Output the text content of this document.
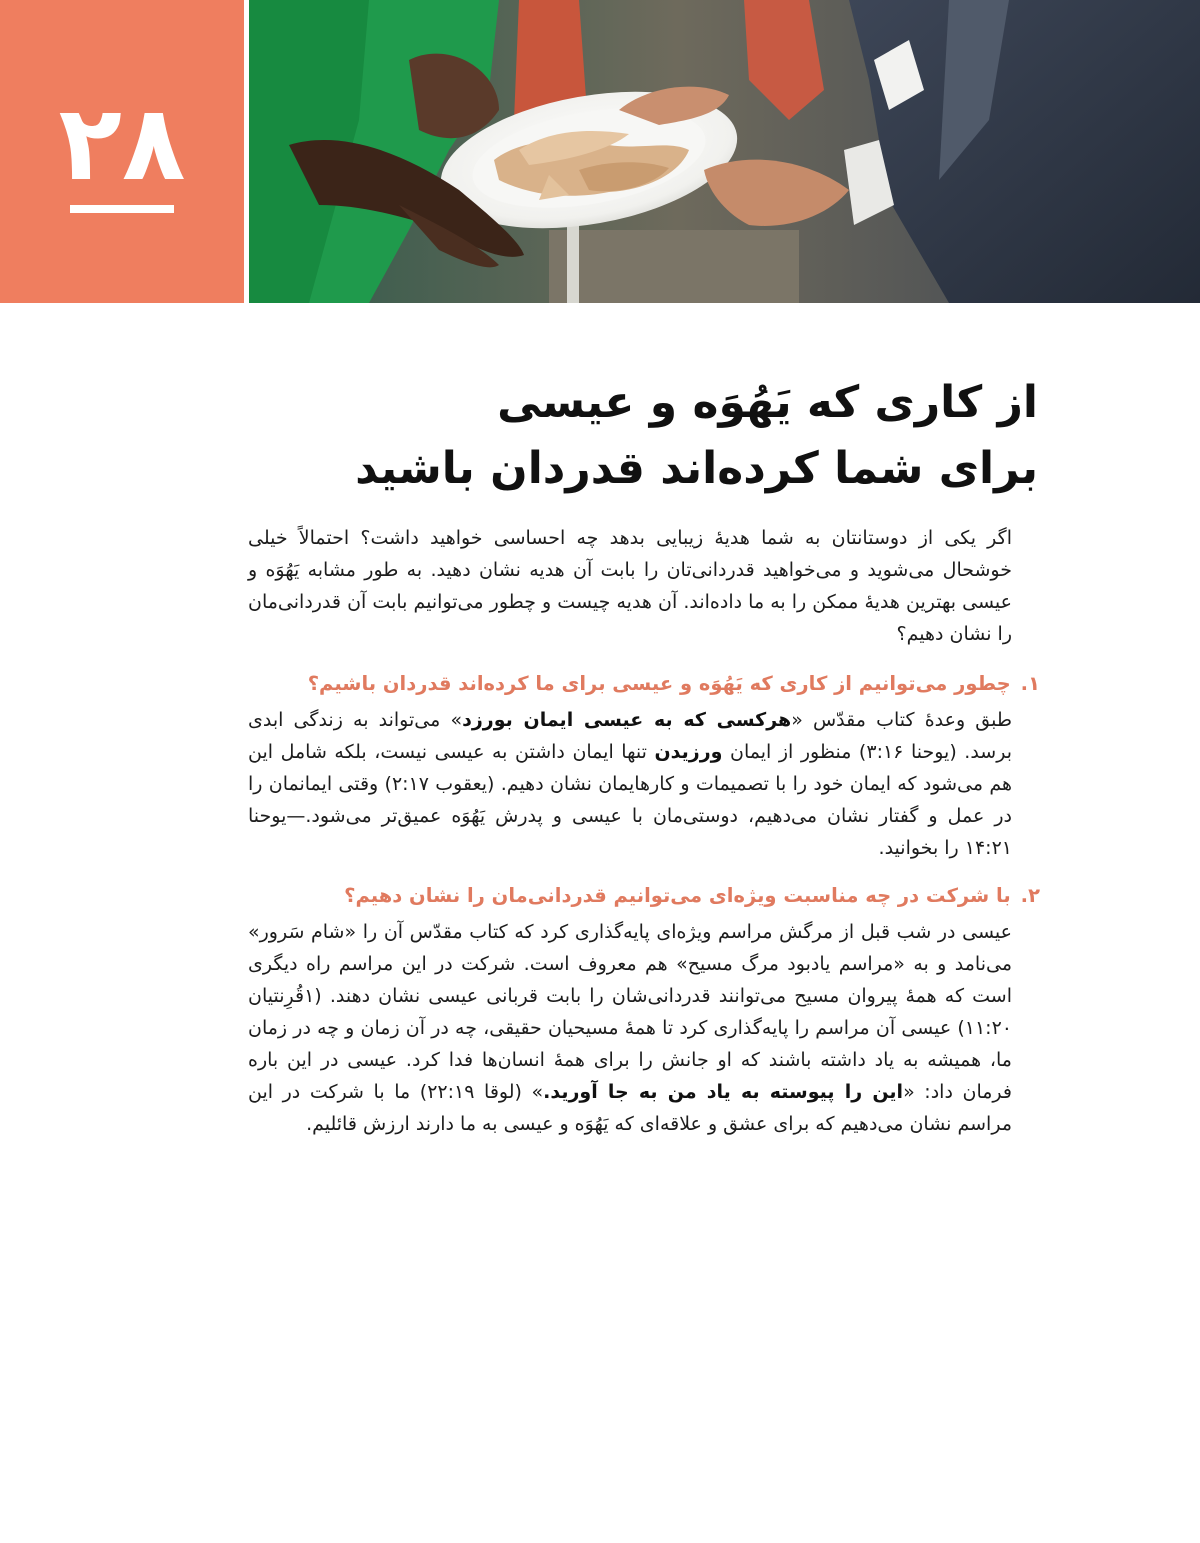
۲۸
از کاری که یَهُوَه و عیسی
برای شما کرده‌اند قدردان باشید

اگر یکی از دوستانتان به شما هدیهٔ زیبایی بدهد چه احساسی خواهید داشت؟ احتمالاً خیلی خوشحال می‌شوید و می‌خواهید قدردانی‌تان را بابت آن هدیه نشان دهید. به طور مشابه یَهُوَه و عیسی بهترین هدیهٔ ممکن را به ما داده‌اند. آن هدیه چیست و چطور می‌توانیم بابت آن قدردانی‌مان را نشان دهیم؟

۱.
چطور می‌توانیم از کاری که یَهُوَه و عیسی برای ما کرده‌اند قدردان باشیم؟

طبق وعدهٔ کتاب مقدّس «هرکسی که به عیسی ایمان بورزد» می‌تواند به زندگی ابدی برسد. (یوحنا ۳:۱۶) منظور از ایمان ورزیدن تنها ایمان داشتن به عیسی نیست، بلکه شامل این هم می‌شود که ایمان خود را با تصمیمات و کارهایمان نشان دهیم. (یعقوب ۲:۱۷) وقتی ایمانمان را در عمل و گفتار نشان می‌دهیم، دوستی‌مان با عیسی و پدرش یَهُوَه عمیق‌تر می‌شود.—یوحنا ۱۴:۲۱ را بخوانید.

۲.
با شرکت در چه مناسبت ویژه‌ای می‌توانیم قدردانی‌مان را نشان دهیم؟

عیسی در شب قبل از مرگش مراسم ویژه‌ای پایه‌گذاری کرد که کتاب مقدّس آن را «شام سَرور» می‌نامد و به «مراسم یادبود مرگ مسیح» هم معروف است. شرکت در این مراسم راه دیگری است که همهٔ پیروان مسیح می‌توانند قدردانی‌شان را بابت قربانی عیسی نشان دهند. (۱قُرِنتیان ۱۱:۲۰) عیسی آن مراسم را پایه‌گذاری کرد تا همهٔ مسیحیان حقیقی، چه در آن زمان و چه در زمان ما، همیشه به یاد داشته باشند که او جانش را برای همهٔ انسان‌ها فدا کرد. عیسی در این باره فرمان داد: «این را پیوسته به یاد من به جا آورید.» (لوقا ۲۲:۱۹) ما با شرکت در این مراسم نشان می‌دهیم که برای عشق و علاقه‌ای که یَهُوَه و عیسی به ما دارند ارزش قائلیم.
